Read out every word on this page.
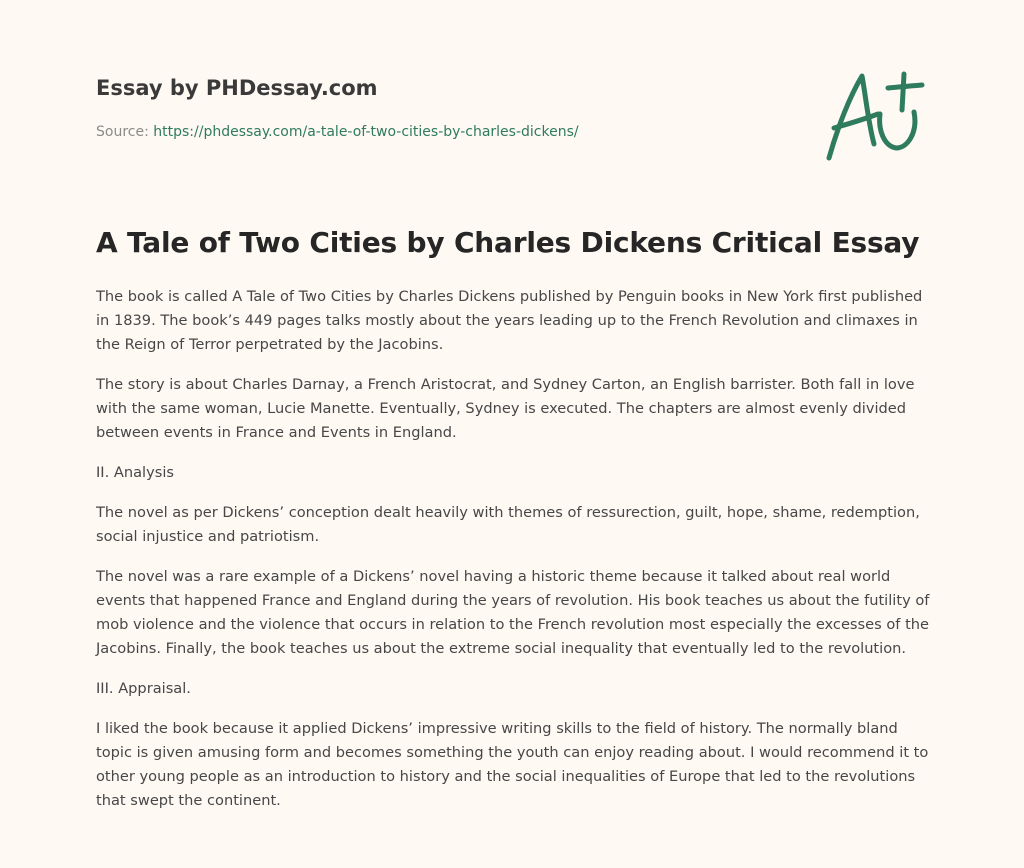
Essay by PHDessay.com
Source: https://phdessay.com/a-tale-of-two-cities-by-charles-dickens/
A Tale of Two Cities by Charles Dickens Critical Essay

The book is called A Tale of Two Cities by Charles Dickens published by Penguin books in New York first published in 1839. The book’s 449 pages talks mostly about the years leading up to the French Revolution and climaxes in the Reign of Terror perpetrated by the Jacobins.

The story is about Charles Darnay, a French Aristocrat, and Sydney Carton, an English barrister. Both fall in love with the same woman, Lucie Manette. Eventually, Sydney is executed. The chapters are almost evenly divided between events in France and Events in England.

II. Analysis

The novel as per Dickens’ conception dealt heavily with themes of ressurection, guilt, hope, shame, redemption, social injustice and patriotism.

The novel was a rare example of a Dickens’ novel having a historic theme because it talked about real world events that happened France and England during the years of revolution. His book teaches us about the futility of mob violence and the violence that occurs in relation to the French revolution most especially the excesses of the Jacobins. Finally, the book teaches us about the extreme social inequality that eventually led to the revolution.

III. Appraisal.

I liked the book because it applied Dickens’ impressive writing skills to the field of history. The normally bland topic is given amusing form and becomes something the youth can enjoy reading about. I would recommend it to other young people as an introduction to history and the social inequalities of Europe that led to the revolutions that swept the continent.
